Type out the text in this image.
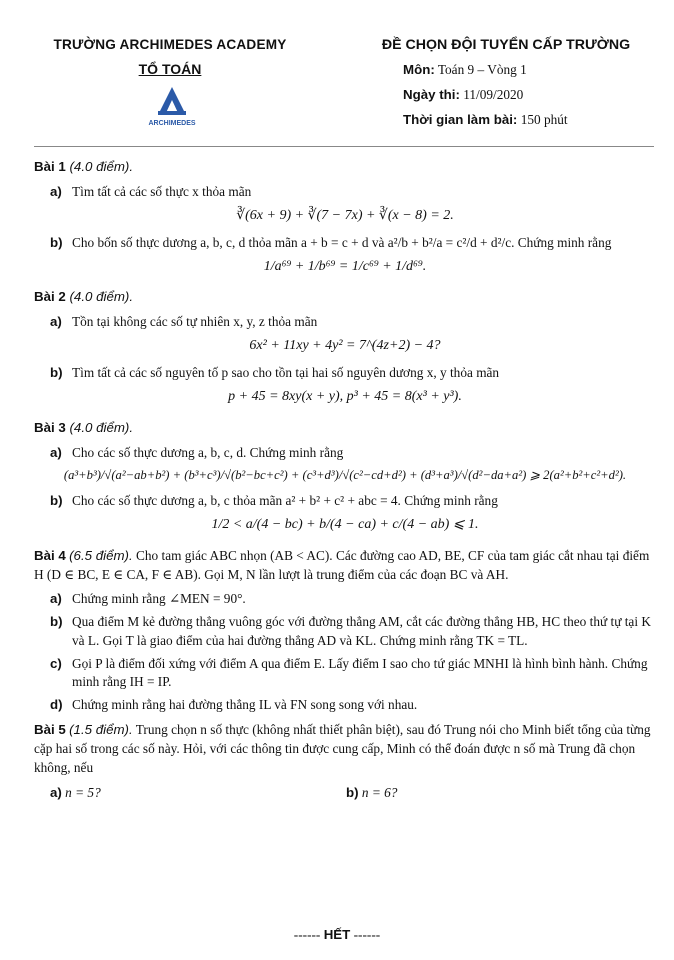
TRƯỜNG ARCHIMEDES ACADEMY
TỔ TOÁN
ARCHIMEDES
ĐỀ CHỌN ĐỘI TUYỂN CẤP TRƯỜNG
Môn: Toán 9 – Vòng 1
Ngày thi: 11/09/2020
Thời gian làm bài: 150 phút
Bài 1 (4.0 điểm).
a) Tìm tất cả các số thực x thỏa mãn
∛(6x + 9) + ∛(7 − 7x) + ∛(x − 8) = 2.
b) Cho bốn số thực dương a, b, c, d thỏa mãn a + b = c + d và a²/b + b²/a = c²/d + d²/c. Chứng minh rằng
1/a⁶⁹ + 1/b⁶⁹ = 1/c⁶⁹ + 1/d⁶⁹.
Bài 2 (4.0 điểm).
a) Tồn tại không các số tự nhiên x, y, z thỏa mãn
6x² + 11xy + 4y² = 7^(4z+2) − 4?
b) Tìm tất cả các số nguyên tố p sao cho tồn tại hai số nguyên dương x, y thỏa mãn
p + 45 = 8xy(x + y), p³ + 45 = 8(x³ + y³).
Bài 3 (4.0 điểm).
a) Cho các số thực dương a, b, c, d. Chứng minh rằng
(a³+b³)/√(a²−ab+b²) + (b³+c³)/√(b²−bc+c²) + (c³+d³)/√(c²−cd+d²) + (d³+a³)/√(d²−da+a²) ⩾ 2(a²+b²+c²+d²).
b) Cho các số thực dương a, b, c thỏa mãn a² + b² + c² + abc = 4. Chứng minh rằng
1/2 < a/(4 − bc) + b/(4 − ca) + c/(4 − ab) ⩽ 1.
Bài 4 (6.5 điểm). Cho tam giác ABC nhọn (AB < AC). Các đường cao AD, BE, CF của tam giác cắt nhau tại điểm H (D ∈ BC, E ∈ CA, F ∈ AB). Gọi M, N lần lượt là trung điểm của các đoạn BC và AH.
a) Chứng minh rằng ∠MEN = 90°.
b) Qua điểm M kẻ đường thẳng vuông góc với đường thẳng AM, cắt các đường thẳng HB, HC theo thứ tự tại K và L. Gọi T là giao điểm của hai đường thẳng AD và KL. Chứng minh rằng TK = TL.
c) Gọi P là điểm đối xứng với điểm A qua điểm E. Lấy điểm I sao cho tứ giác MNHI là hình bình hành. Chứng minh rằng IH = IP.
d) Chứng minh rằng hai đường thẳng IL và FN song song với nhau.
Bài 5 (1.5 điểm). Trung chọn n số thực (không nhất thiết phân biệt), sau đó Trung nói cho Minh biết tổng của từng cặp hai số trong các số này. Hỏi, với các thông tin được cung cấp, Minh có thể đoán được n số mà Trung đã chọn không, nếu
a) n = 5?	b) n = 6?
------ HẾT ------
